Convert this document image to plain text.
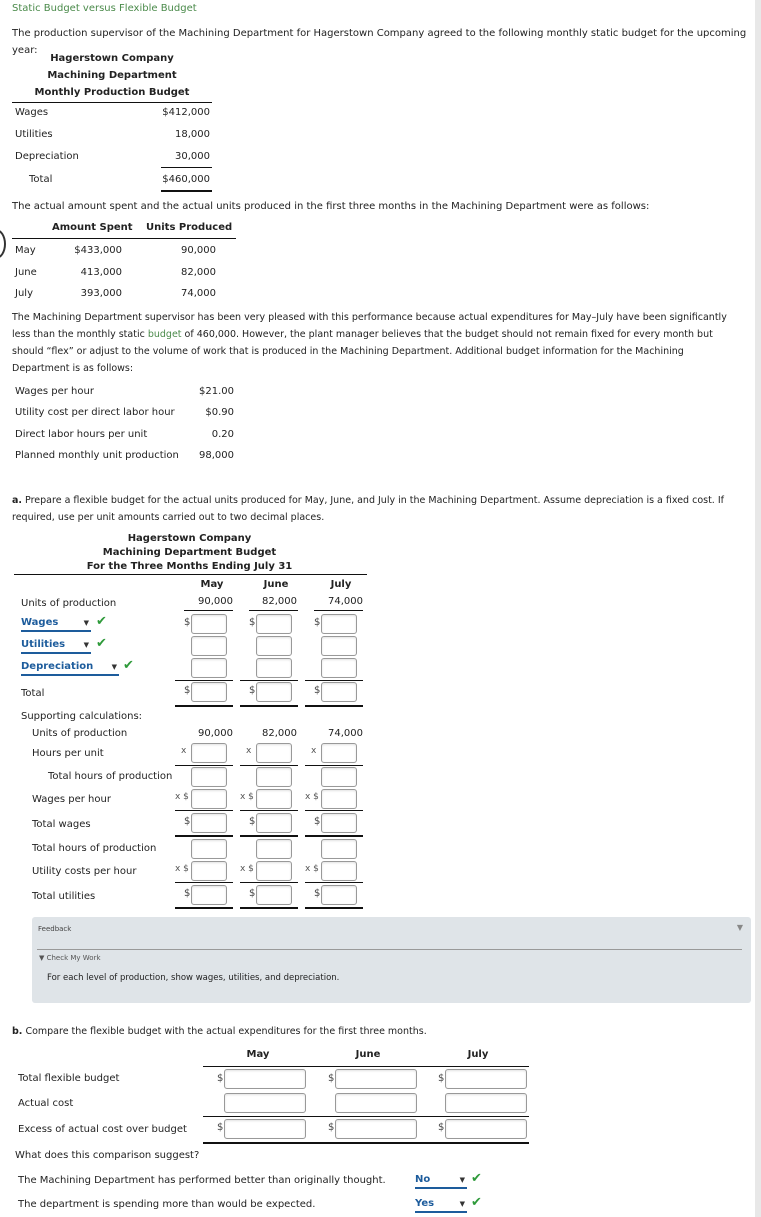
Static Budget versus Flexible Budget
The production supervisor of the Machining Department for Hagerstown Company agreed to the following monthly static budget for the upcoming year:
Hagerstown Company
Machining Department
Monthly Production Budget
Wages	$412,000
Utilities	18,000
Depreciation	30,000
Total	$460,000
The actual amount spent and the actual units produced in the first three months in the Machining Department were as follows:
Amount Spent Units Produced
May	$433,000	90,000
June	413,000	82,000
July	393,000	74,000
The Machining Department supervisor has been very pleased with this performance because actual expenditures for May–July have been significantly
less than the monthly static budget of 460,000. However, the plant manager believes that the budget should not remain fixed for every month but
should “flex” or adjust to the volume of work that is produced in the Machining Department. Additional budget information for the Machining
Department is as follows:
Wages per hour	$21.00
Utility cost per direct labor hour	$0.90
Direct labor hours per unit	0.20
Planned monthly unit production	98,000
a. Prepare a flexible budget for the actual units produced for May, June, and July in the Machining Department. Assume depreciation is a fixed cost. If
required, use per unit amounts carried out to two decimal places.
Hagerstown Company
Machining Department Budget
For the Three Months Ending July 31
May	June	July
Units of production	90,000	82,000	74,000
Wages	▼ ✔
Utilities	▼ ✔
Depreciation	▼ ✔
$	$	$
Total	$	$	$
Supporting calculations:
Units of production	90,000	82,000	74,000
Hours per unit	x	x	x
Total hours of production
Wages per hour	x $	x $	x $
Total wages	$	$	$
Total hours of production
Utility costs per hour	x $	x $	x $
Total utilities	$	$	$
Feedback	▼
▼ Check My Work
For each level of production, show wages, utilities, and depreciation.
b. Compare the flexible budget with the actual expenditures for the first three months.
May	June	July
Total flexible budget	$	$	$
Actual cost
Excess of actual cost over budget	$	$	$
What does this comparison suggest?
The Machining Department has performed better than originally thought.	No	▼ ✔
The department is spending more than would be expected.	Yes	▼ ✔
